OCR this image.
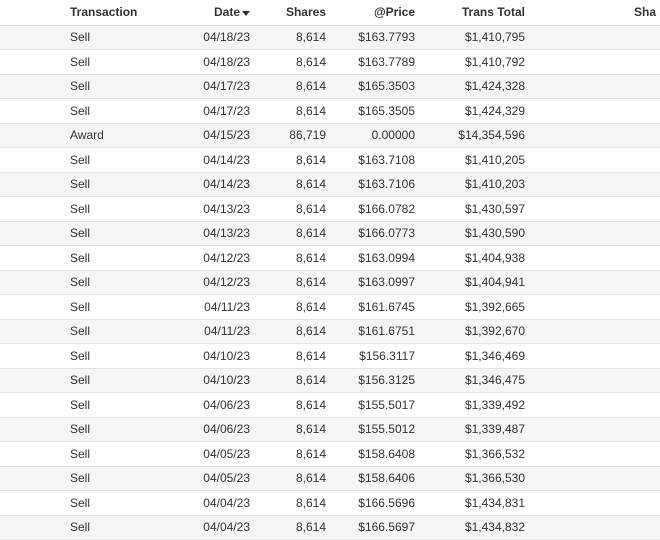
	Transaction	Date	Shares	@Price	Trans Total	Sha
	Sell	04/18/23	8,614	$163.7793	$1,410,795	
	Sell	04/18/23	8,614	$163.7789	$1,410,792	
	Sell	04/17/23	8,614	$165.3503	$1,424,328	
	Sell	04/17/23	8,614	$165.3505	$1,424,329	
	Award	04/15/23	86,719	0.00000	$14,354,596	
	Sell	04/14/23	8,614	$163.7108	$1,410,205	
	Sell	04/14/23	8,614	$163.7106	$1,410,203	
	Sell	04/13/23	8,614	$166.0782	$1,430,597	
	Sell	04/13/23	8,614	$166.0773	$1,430,590	
	Sell	04/12/23	8,614	$163.0994	$1,404,938	
	Sell	04/12/23	8,614	$163.0997	$1,404,941	
	Sell	04/11/23	8,614	$161.6745	$1,392,665	
	Sell	04/11/23	8,614	$161.6751	$1,392,670	
	Sell	04/10/23	8,614	$156.3117	$1,346,469	
	Sell	04/10/23	8,614	$156.3125	$1,346,475	
	Sell	04/06/23	8,614	$155.5017	$1,339,492	
	Sell	04/06/23	8,614	$155.5012	$1,339,487	
	Sell	04/05/23	8,614	$158.6408	$1,366,532	
	Sell	04/05/23	8,614	$158.6406	$1,366,530	
	Sell	04/04/23	8,614	$166.5696	$1,434,831	
	Sell	04/04/23	8,614	$166.5697	$1,434,832	
